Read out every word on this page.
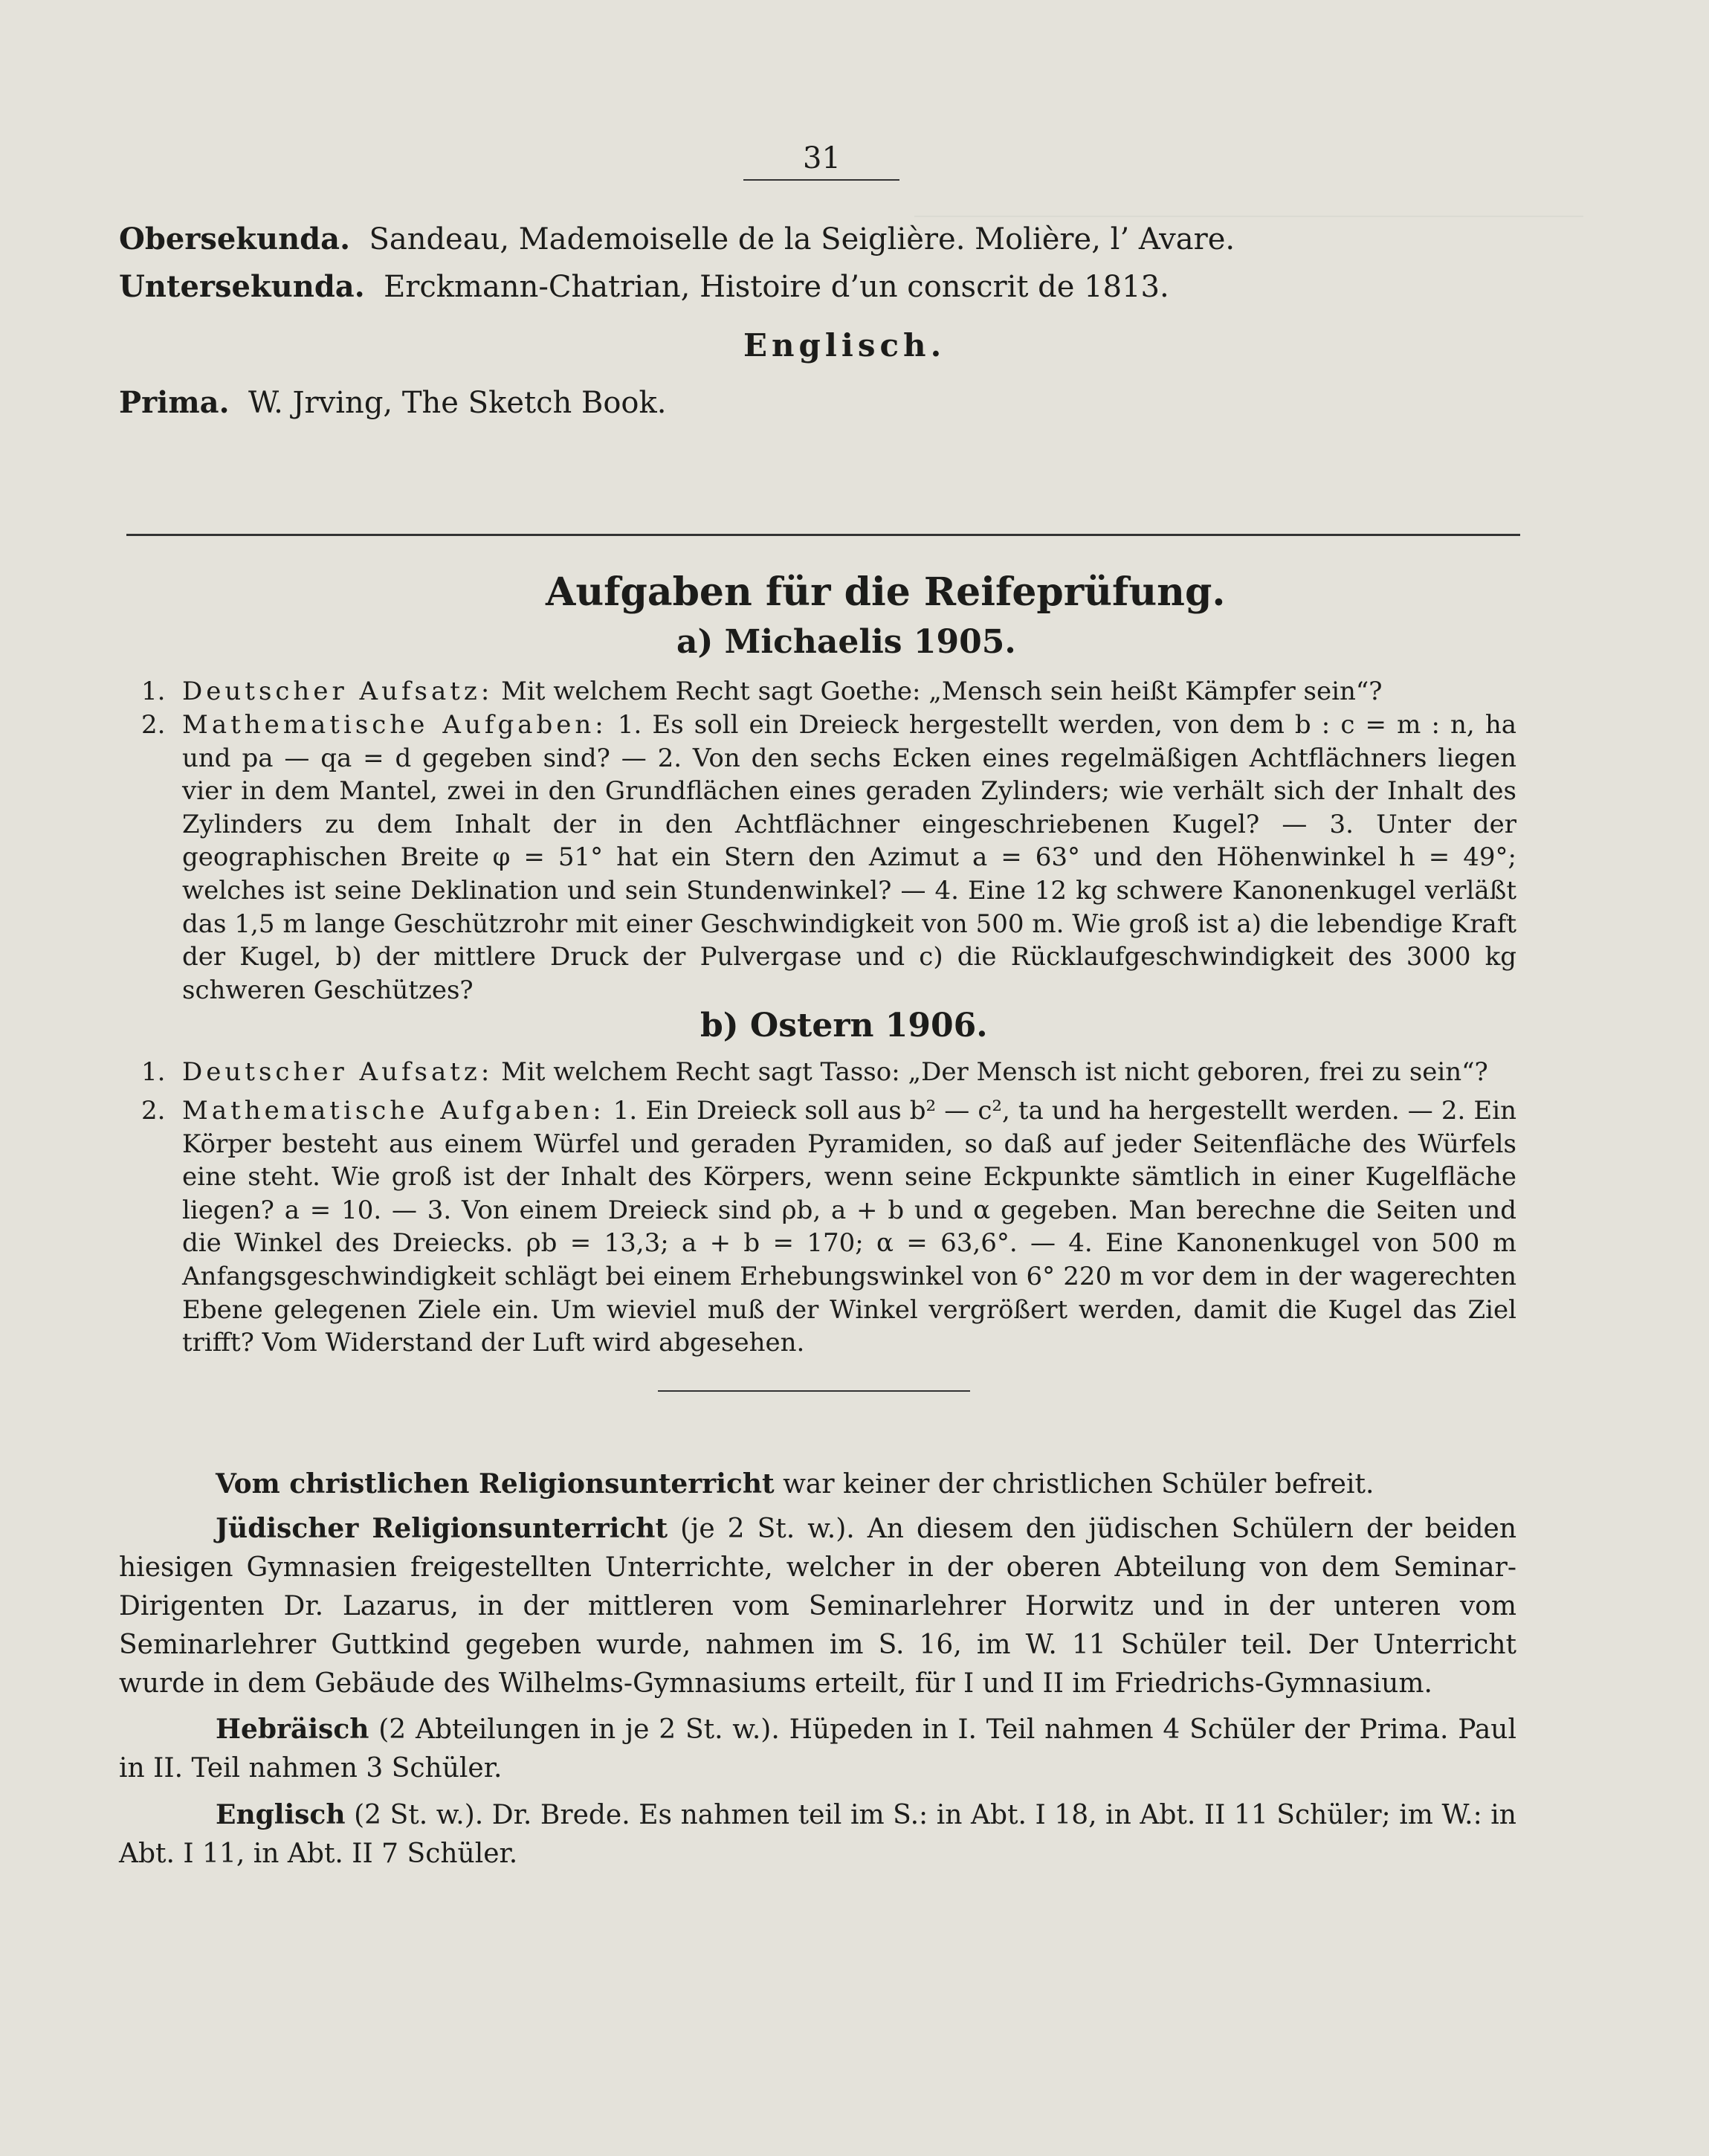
31
Obersekunda. Sandeau, Mademoiselle de la Seiglière. Molière, l’ Avare.
Untersekunda. Erckmann-Chatrian, Histoire d’un conscrit de 1813.
Englisch.
Prima. W. Jrving, The Sketch Book.
Aufgaben für die Reifeprüfung.
a) Michaelis 1905.
1. Deutscher Aufsatz: Mit welchem Recht sagt Goethe: „Mensch sein heißt Kämpfer sein“?
2. Mathematische Aufgaben: 1. Es soll ein Dreieck hergestellt werden, von dem b : c = m : n, ha und pa — qa = d gegeben sind? — 2. Von den sechs Ecken eines regelmäßigen Achtflächners liegen vier in dem Mantel, zwei in den Grundflächen eines geraden Zylinders; wie verhält sich der Inhalt des Zylinders zu dem Inhalt der in den Achtflächner eingeschriebenen Kugel? — 3. Unter der geographischen Breite φ = 51° hat ein Stern den Azimut a = 63° und den Höhenwinkel h = 49°; welches ist seine Deklination und sein Stundenwinkel? — 4. Eine 12 kg schwere Kanonenkugel verläßt das 1,5 m lange Geschützrohr mit einer Geschwindigkeit von 500 m. Wie groß ist a) die lebendige Kraft der Kugel, b) der mittlere Druck der Pulvergase und c) die Rücklaufgeschwindigkeit des 3000 kg schweren Geschützes?
b) Ostern 1906.
1. Deutscher Aufsatz: Mit welchem Recht sagt Tasso: „Der Mensch ist nicht geboren, frei zu sein“?
2. Mathematische Aufgaben: 1. Ein Dreieck soll aus b² — c², ta und ha hergestellt werden. — 2. Ein Körper besteht aus einem Würfel und geraden Pyramiden, so daß auf jeder Seitenfläche des Würfels eine steht. Wie groß ist der Inhalt des Körpers, wenn seine Eckpunkte sämtlich in einer Kugelfläche liegen? a = 10. — 3. Von einem Dreieck sind ρb, a + b und α gegeben. Man berechne die Seiten und die Winkel des Dreiecks. ρb = 13,3; a + b = 170; α = 63,6°. — 4. Eine Kanonenkugel von 500 m Anfangsgeschwindigkeit schlägt bei einem Erhebungswinkel von 6° 220 m vor dem in der wagerechten Ebene gelegenen Ziele ein. Um wieviel muß der Winkel vergrößert werden, damit die Kugel das Ziel trifft? Vom Widerstand der Luft wird abgesehen.
Vom christlichen Religionsunterricht war keiner der christlichen Schüler befreit.
Jüdischer Religionsunterricht (je 2 St. w.). An diesem den jüdischen Schülern der beiden hiesigen Gymnasien freigestellten Unterrichte, welcher in der oberen Abteilung von dem Seminar-Dirigenten Dr. Lazarus, in der mittleren vom Seminarlehrer Horwitz und in der unteren vom Seminarlehrer Guttkind gegeben wurde, nahmen im S. 16, im W. 11 Schüler teil. Der Unterricht wurde in dem Gebäude des Wilhelms-Gymnasiums erteilt, für I und II im Friedrichs-Gymnasium.
Hebräisch (2 Abteilungen in je 2 St. w.). Hüpeden in I. Teil nahmen 4 Schüler der Prima. Paul in II. Teil nahmen 3 Schüler.
Englisch (2 St. w.). Dr. Brede. Es nahmen teil im S.: in Abt. I 18, in Abt. II 11 Schüler; im W.: in Abt. I 11, in Abt. II 7 Schüler.
